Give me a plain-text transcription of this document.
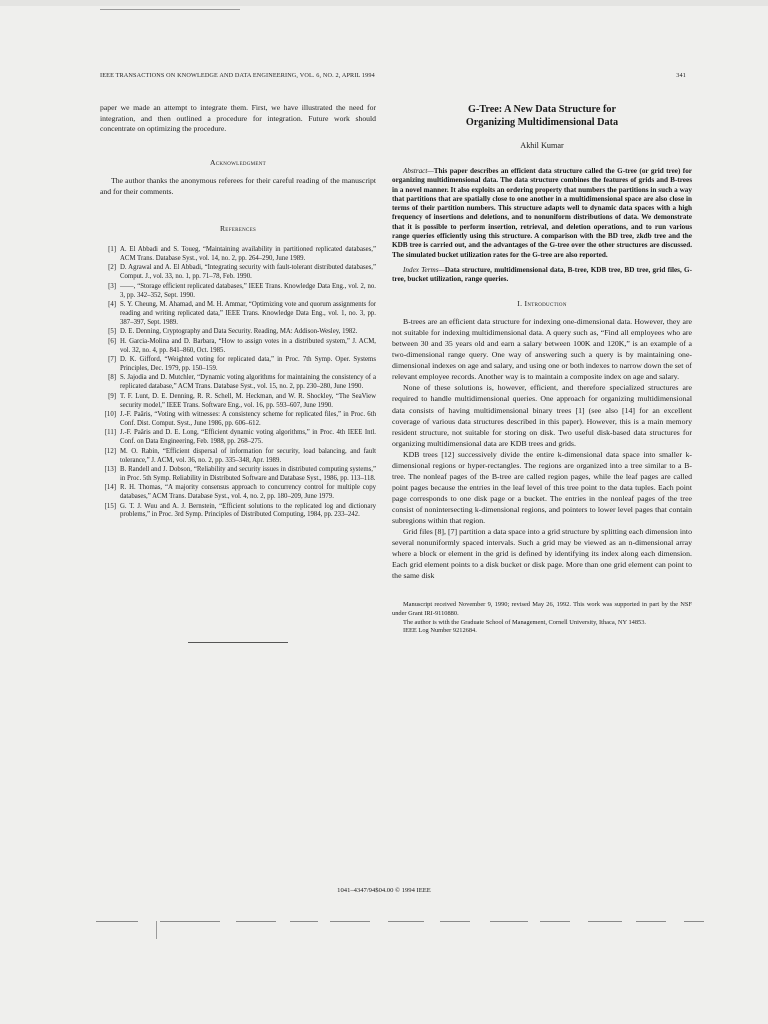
IEEE TRANSACTIONS ON KNOWLEDGE AND DATA ENGINEERING, VOL. 6, NO. 2, APRIL 1994	341

paper we made an attempt to integrate them. First, we have illustrated the need for integration, and then outlined a procedure for integration. Future work should concentrate on optimizing the procedure.

Acknowledgment

The author thanks the anonymous referees for their careful reading of the manuscript and for their comments.

References
[1] A. El Abbadi and S. Toueg, “Maintaining availability in partitioned replicated databases,” ACM Trans. Database Syst., vol. 14, no. 2, pp. 264–290, June 1989.
[2] D. Agrawal and A. El Abbadi, “Integrating security with fault-tolerant distributed databases,” Comput. J., vol. 33, no. 1, pp. 71–78, Feb. 1990.
[3] ——, “Storage efficient replicated databases,” IEEE Trans. Knowledge Data Eng., vol. 2, no. 3, pp. 342–352, Sept. 1990.
[4] S. Y. Cheung, M. Ahamad, and M. H. Ammar, “Optimizing vote and quorum assignments for reading and writing replicated data,” IEEE Trans. Knowledge Data Eng., vol. 1, no. 3, pp. 387–397, Sept. 1989.
[5] D. E. Denning, Cryptography and Data Security. Reading, MA: Addison-Wesley, 1982.
[6] H. Garcia-Molina and D. Barbara, “How to assign votes in a distributed system,” J. ACM, vol. 32, no. 4, pp. 841–860, Oct. 1985.
[7] D. K. Gifford, “Weighted voting for replicated data,” in Proc. 7th Symp. Oper. Systems Principles, Dec. 1979, pp. 150–159.
[8] S. Jajodia and D. Mutchler, “Dynamic voting algorithms for maintaining the consistency of a replicated database,” ACM Trans. Database Syst., vol. 15, no. 2, pp. 230–280, June 1990.
[9] T. F. Lunt, D. E. Denning, R. R. Schell, M. Heckman, and W. R. Shockley, “The SeaView security model,” IEEE Trans. Software Eng., vol. 16, pp. 593–607, June 1990.
[10] J.-F. Paâris, “Voting with witnesses: A consistency scheme for replicated files,” in Proc. 6th Conf. Dist. Comput. Syst., June 1986, pp. 606–612.
[11] J.-F. Paâris and D. E. Long, “Efficient dynamic voting algorithms,” in Proc. 4th IEEE Intl. Conf. on Data Engineering, Feb. 1988, pp. 268–275.
[12] M. O. Rabin, “Efficient dispersal of information for security, load balancing, and fault tolerance,” J. ACM, vol. 36, no. 2, pp. 335–348, Apr. 1989.
[13] B. Randell and J. Dobson, “Reliability and security issues in distributed computing systems,” in Proc. 5th Symp. Reliability in Distributed Software and Database Syst., 1986, pp. 113–118.
[14] R. H. Thomas, “A majority consensus approach to concurrency control for multiple copy databases,” ACM Trans. Database Syst., vol. 4, no. 2, pp. 180–209, June 1979.
[15] G. T. J. Wuu and A. J. Bernstein, “Efficient solutions to the replicated log and dictionary problems,” in Proc. 3rd Symp. Principles of Distributed Computing, 1984, pp. 233–242.
G-Tree: A New Data Structure for
Organizing Multidimensional Data
Akhil Kumar

Abstract—This paper describes an efficient data structure called the G-tree (or grid tree) for organizing multidimensional data. The data structure combines the features of grids and B-trees in a novel manner. It also exploits an ordering property that numbers the partitions in such a way that partitions that are spatially close to one another in a multidimensional space are also close in terms of their partition numbers. This structure adapts well to dynamic data spaces with a high frequency of insertions and deletions, and to nonuniform distributions of data. We demonstrate that it is possible to perform insertion, retrieval, and deletion operations, and to run various range queries efficiently using this structure. A comparison with the BD tree, zkdb tree and the KDB tree is carried out, and the advantages of the G-tree over the other structures are discussed. The simulated bucket utilization rates for the G-tree are also reported.

Index Terms—Data structure, multidimensional data, B-tree, KDB tree, BD tree, grid files, G-tree, bucket utilization, range queries.

I. Introduction

B-trees are an efficient data structure for indexing one-dimensional data. However, they are not suitable for indexing multidimensional data. A query such as, “Find all employees who are between 30 and 35 years old and earn a salary between 100K and 120K,” is an example of a two-dimensional range query. One way of answering such a query is by maintaining one-dimensional indexes on age and salary, and using one or both indexes to narrow down the set of relevant employee records. Another way is to maintain a composite index on age and salary.

None of these solutions is, however, efficient, and therefore specialized structures are required to handle multidimensional queries. One approach for organizing multidimensional data consists of having multidimensional binary trees [1] (see also [14] for an excellent coverage of various data structures described in this paper). However, this is a main memory resident structure, not suitable for storing on disk. Two useful disk-based data structures for organizing multidimensional data are KDB trees and grids.

KDB trees [12] successively divide the entire k-dimensional data space into smaller k-dimensional regions or hyper-rectangles. The regions are organized into a tree similar to a B-tree. The nonleaf pages of the B-tree are called region pages, while the leaf pages are called point pages because the entries in the leaf level of this tree point to the data tuples. Each point page corresponds to one disk page or a bucket. The entries in the nonleaf pages of the tree consist of nonintersecting k-dimensional regions, and pointers to lower level pages that contain subregions within that region.

Grid files [8], [7] partition a data space into a grid structure by splitting each dimension into several nonuniformly spaced intervals. Such a grid may be viewed as an n-dimensional array where a block or element in the grid is defined by identifying its index along each dimension. Each grid element points to a disk bucket or disk page. More than one grid element can point to the same disk

Manuscript received November 9, 1990; revised May 26, 1992. This work was supported in part by the NSF under Grant IRI-9110880.

The author is with the Graduate School of Management, Cornell University, Ithaca, NY 14853.

IEEE Log Number 9212684.

1041–4347/94$04.00 © 1994 IEEE
